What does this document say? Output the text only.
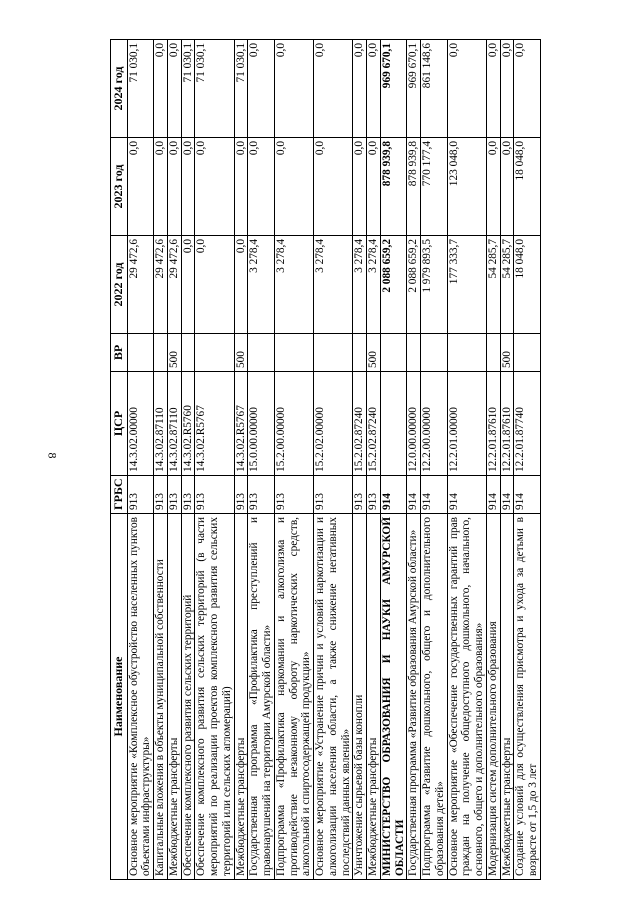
8
Наименование	ГРБС	ЦСР	ВР	2022 год	2023 год	2024 год
Основное мероприятие «Комплексное обустройство населенных пунктов объектами инфраструктуры»	913	14.3.02.00000		29 472,6	0,0	71 030,1
Капитальные вложения в объекты муниципальной собственности	913	14.3.02.87110		29 472,6	0,0	0,0
Межбюджетные трансферты	913	14.3.02.87110	500	29 472,6	0,0	0,0
Обеспечение комплексного развития сельских территорий	913	14.3.02.R5760		0,0	0,0	71 030,1
Обеспечение комплексного развития сельских территорий (в части мероприятий по реализации проектов комплексного развития сельских территорий или сельских агломераций)	913	14.3.02.R5767		0,0	0,0	71 030,1
Межбюджетные трансферты	913	14.3.02.R5767	500	0,0	0,0	71 030,1
Государственная программа «Профилактика преступлений и правонарушений на территории Амурской области»	913	15.0.00.00000		3 278,4	0,0	0,0
Подпрограмма «Профилактика наркомании и алкоголизма и противодействие незаконному обороту наркотических средств, алкогольной и спиртосодержащей продукции»	913	15.2.00.00000		3 278,4	0,0	0,0
Основное мероприятие «Устранение причин и условий наркотизации и алкоголизации населения области, а также снижение негативных последствий данных явлений»	913	15.2.02.00000		3 278,4	0,0	0,0
Уничтожение сырьевой базы конопли	913	15.2.02.87240		3 278,4	0,0	0,0
Межбюджетные трансферты	913	15.2.02.87240	500	3 278,4	0,0	0,0
МИНИСТЕРСТВО ОБРАЗОВАНИЯ И НАУКИ АМУРСКОЙ ОБЛАСТИ	914			2 088 659,2	878 939,8	969 670,1
Государственная программа «Развитие образования Амурской области»	914	12.0.00.00000		2 088 659,2	878 939,8	969 670,1
Подпрограмма «Развитие дошкольного, общего и дополнительного образования детей»	914	12.2.00.00000		1 979 893,5	770 177,4	861 148,6
Основное мероприятие «Обеспечение государственных гарантий прав граждан на получение общедоступного дошкольного, начального, основного, общего и дополнительного образования»	914	12.2.01.00000		177 333,7	123 048,0	0,0
Модернизация систем дополнительного образования	914	12.2.01.87610		54 285,7	0,0	0,0
Межбюджетные трансферты	914	12.2.01.87610	500	54 285,7	0,0	0,0
Создание условий для осуществления присмотра и ухода за детьми в возрасте от 1,5 до 3 лет	914	12.2.01.87740		18 048,0	18 048,0	0,0
